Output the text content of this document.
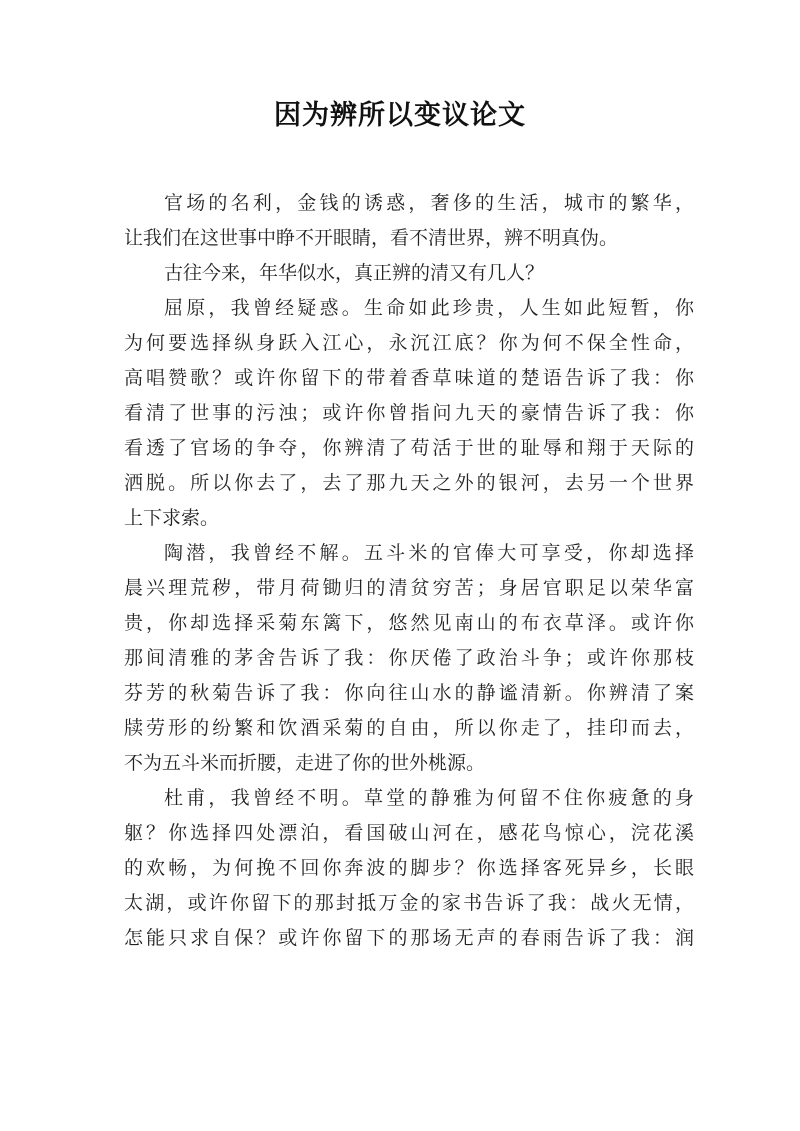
因为辨所以变议论文
官场的名利，金钱的诱惑，奢侈的生活，城市的繁华，
让我们在这世事中睁不开眼睛，看不清世界，辨不明真伪。
古往今来，年华似水，真正辨的清又有几人？
屈原，我曾经疑惑。生命如此珍贵，人生如此短暂，你
为何要选择纵身跃入江心，永沉江底？你为何不保全性命，
高唱赞歌？或许你留下的带着香草味道的楚语告诉了我：你
看清了世事的污浊；或许你曾指问九天的豪情告诉了我：你
看透了官场的争夺，你辨清了苟活于世的耻辱和翔于天际的
洒脱。所以你去了，去了那九天之外的银河，去另一个世界
上下求索。
陶潜，我曾经不解。五斗米的官俸大可享受，你却选择
晨兴理荒秽，带月荷锄归的清贫穷苦；身居官职足以荣华富
贵，你却选择采菊东篱下，悠然见南山的布衣草泽。或许你
那间清雅的茅舍告诉了我：你厌倦了政治斗争；或许你那枝
芬芳的秋菊告诉了我：你向往山水的静谧清新。你辨清了案
牍劳形的纷繁和饮酒采菊的自由，所以你走了，挂印而去，
不为五斗米而折腰，走进了你的世外桃源。
杜甫，我曾经不明。草堂的静雅为何留不住你疲惫的身
躯？你选择四处漂泊，看国破山河在，感花鸟惊心，浣花溪
的欢畅，为何挽不回你奔波的脚步？你选择客死异乡，长眼
太湖，或许你留下的那封抵万金的家书告诉了我：战火无情，
怎能只求自保？或许你留下的那场无声的春雨告诉了我：润
